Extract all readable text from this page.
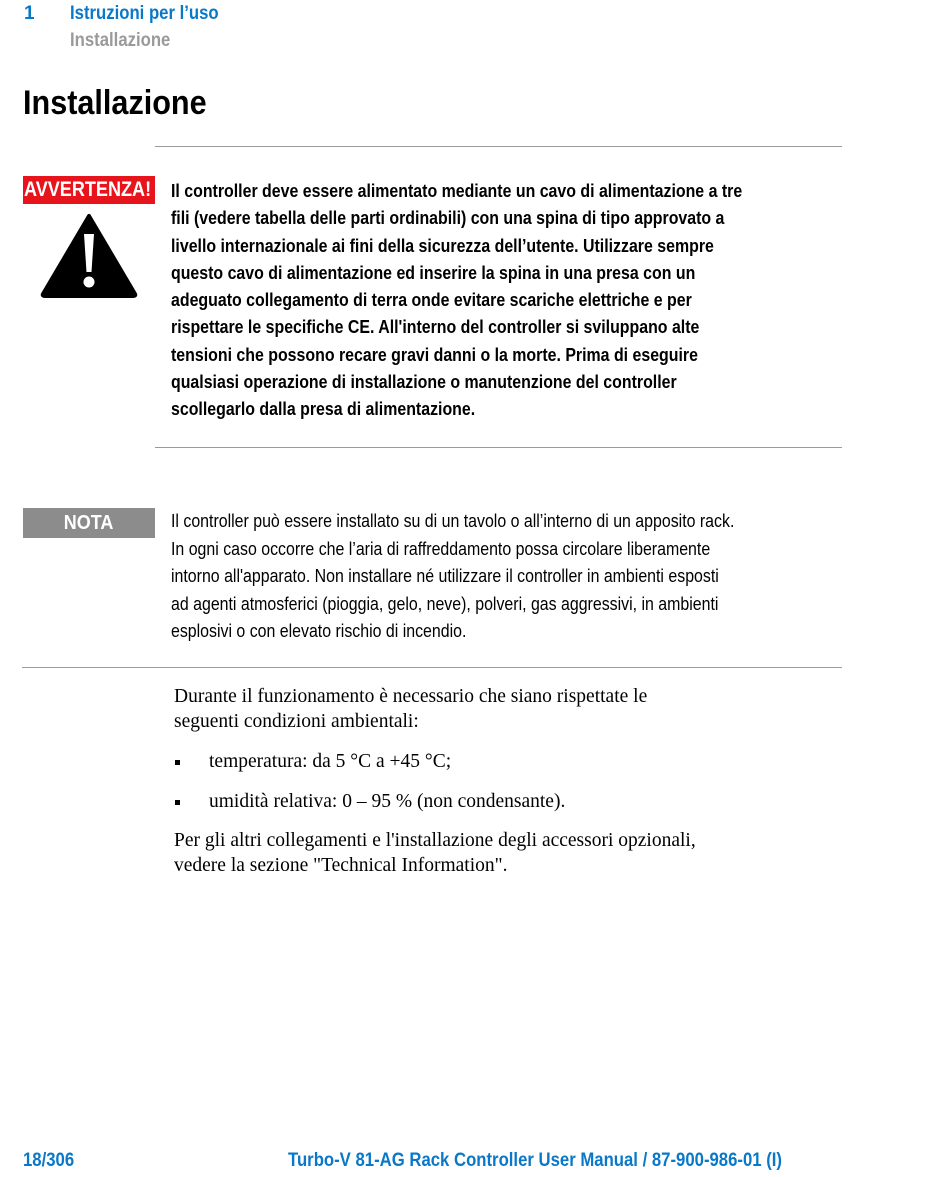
1 Istruzioni per l’uso
Installazione
Installazione
AVVERTENZA! Il controller deve essere alimentato mediante un cavo di alimentazione a tre
fili (vedere tabella delle parti ordinabili) con una spina di tipo approvato a
livello internazionale ai fini della sicurezza dell’utente. Utilizzare sempre
questo cavo di alimentazione ed inserire la spina in una presa con un
adeguato collegamento di terra onde evitare scariche elettriche e per
rispettare le specifiche CE. All'interno del controller si sviluppano alte
tensioni che possono recare gravi danni o la morte. Prima di eseguire
qualsiasi operazione di installazione o manutenzione del controller
scollegarlo dalla presa di alimentazione.
NOTA	Il controller può essere installato su di un tavolo o all’interno di un apposito rack.
In ogni caso occorre che l’aria di raffreddamento possa circolare liberamente
intorno all'apparato. Non installare né utilizzare il controller in ambienti esposti
ad agenti atmosferici (pioggia, gelo, neve), polveri, gas aggressivi, in ambienti
esplosivi o con elevato rischio di incendio.
Durante il funzionamento è necessario che siano rispettate le
seguenti condizioni ambientali:
temperatura: da 5 °C a +45 °C;
umidità relativa: 0 – 95 % (non condensante).
Per gli altri collegamenti e l'installazione degli accessori opzionali,
vedere la sezione "Technical Information".
18/306	Turbo-V 81-AG Rack Controller User Manual / 87-900-986-01 (I)
